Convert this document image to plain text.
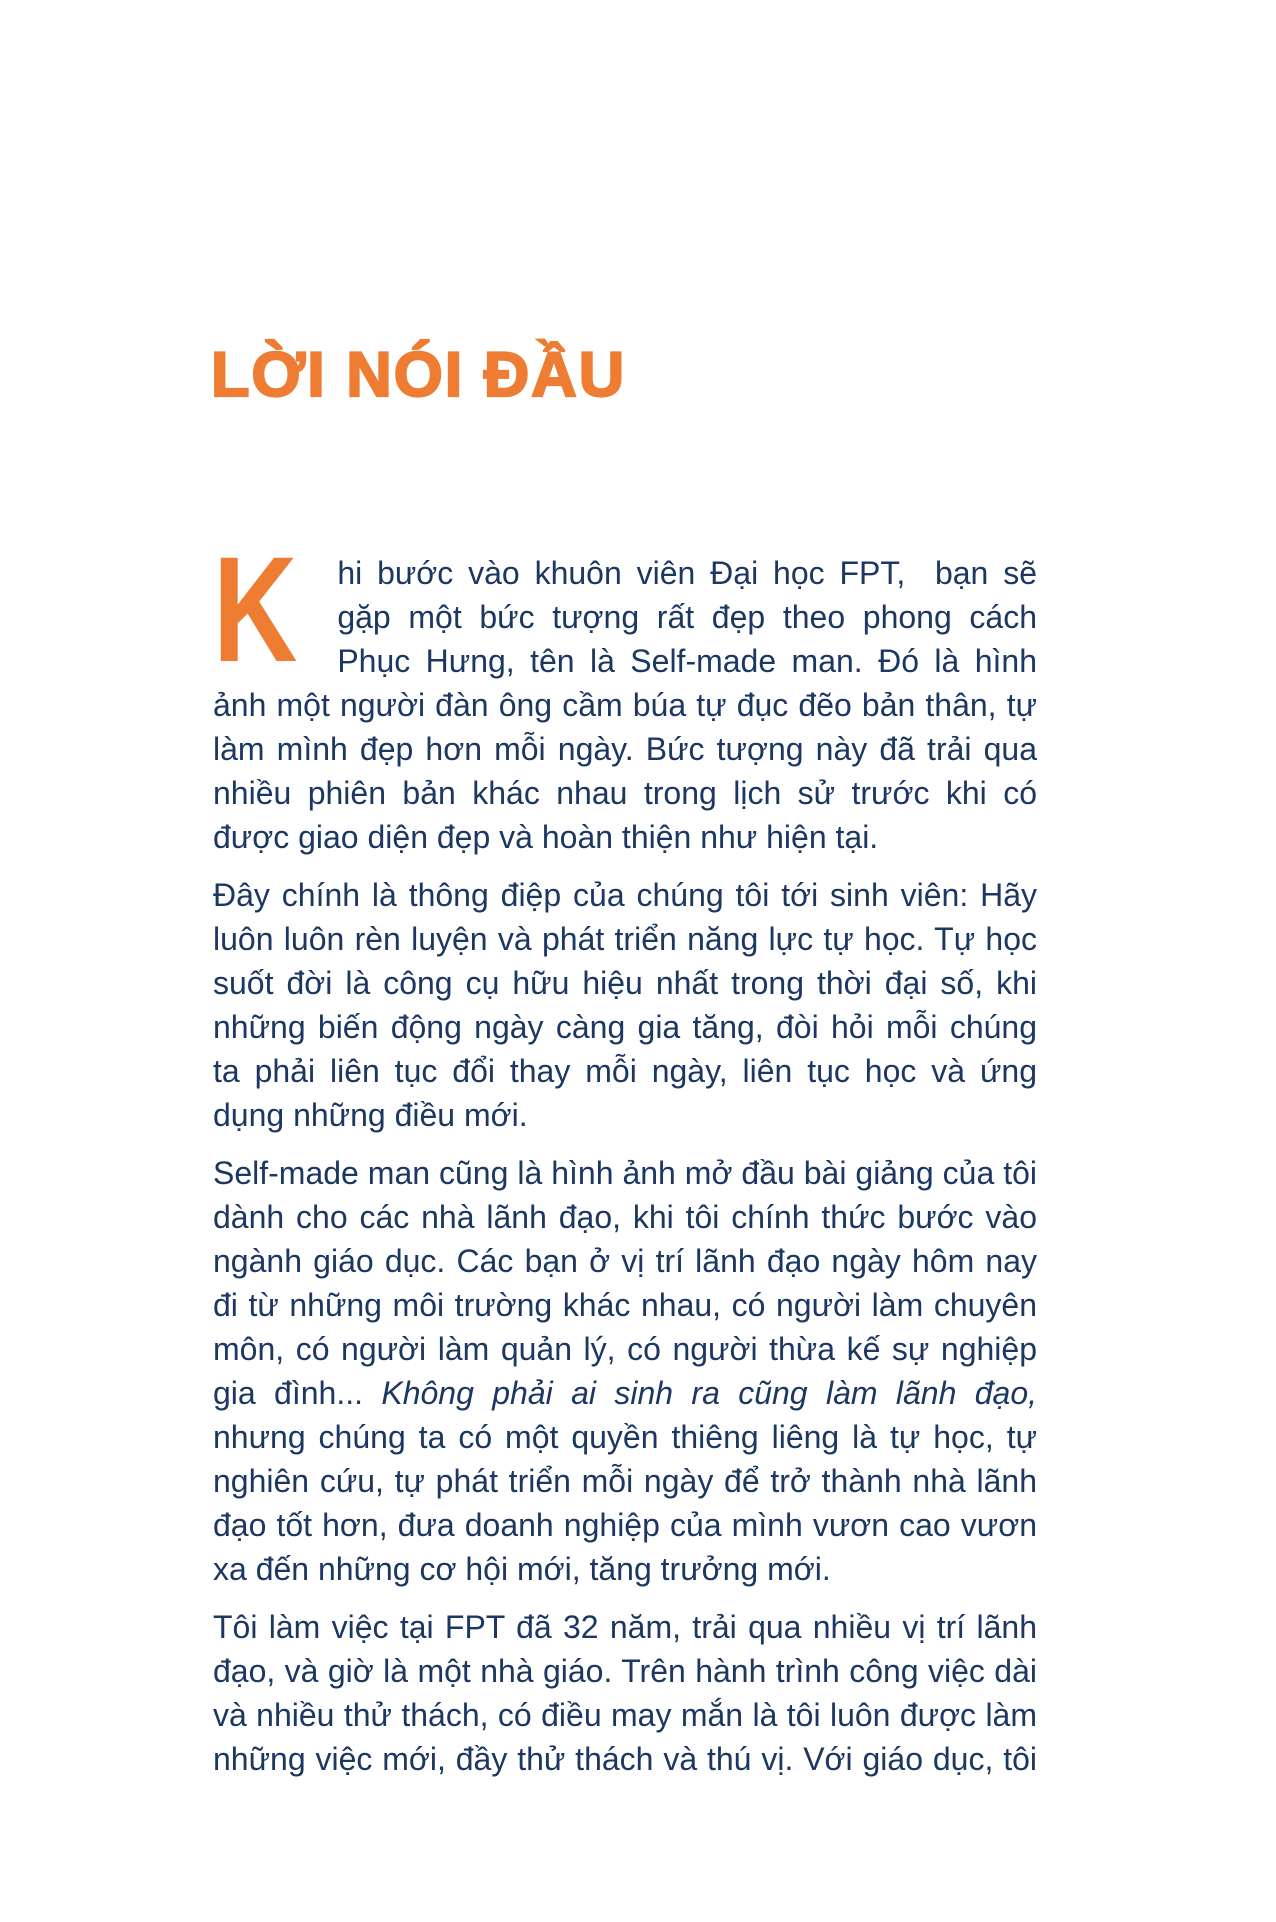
LỜI NÓI ĐẦU

K hi bước vào khuôn viên Đại học FPT,  bạn sẽ gặp một bức tượng rất đẹp theo phong cách Phục Hưng, tên là Self-made man. Đó là hình ảnh một người đàn ông cầm búa tự đục đẽo bản thân, tự làm mình đẹp hơn mỗi ngày. Bức tượng này đã trải qua nhiều phiên bản khác nhau trong lịch sử trước khi có được giao diện đẹp và hoàn thiện như hiện tại.

Đây chính là thông điệp của chúng tôi tới sinh viên: Hãy luôn luôn rèn luyện và phát triển năng lực tự học. Tự học suốt đời là công cụ hữu hiệu nhất trong thời đại số, khi những biến động ngày càng gia tăng, đòi hỏi mỗi chúng ta phải liên tục đổi thay mỗi ngày, liên tục học và ứng dụng những điều mới.

Self-made man cũng là hình ảnh mở đầu bài giảng của tôi dành cho các nhà lãnh đạo, khi tôi chính thức bước vào ngành giáo dục. Các bạn ở vị trí lãnh đạo ngày hôm nay đi từ những môi trường khác nhau, có người làm chuyên môn, có người làm quản lý, có người thừa kế sự nghiệp gia đình... Không phải ai sinh ra cũng làm lãnh đạo, nhưng chúng ta có một quyền thiêng liêng là tự học, tự nghiên cứu, tự phát triển mỗi ngày để trở thành nhà lãnh đạo tốt hơn, đưa doanh nghiệp của mình vươn cao vươn xa đến những cơ hội mới, tăng trưởng mới.

Tôi làm việc tại FPT đã 32 năm, trải qua nhiều vị trí lãnh đạo, và giờ là một nhà giáo. Trên hành trình công việc dài và nhiều thử thách, có điều may mắn là tôi luôn được làm những việc mới, đầy thử thách và thú vị. Với giáo dục, tôi
